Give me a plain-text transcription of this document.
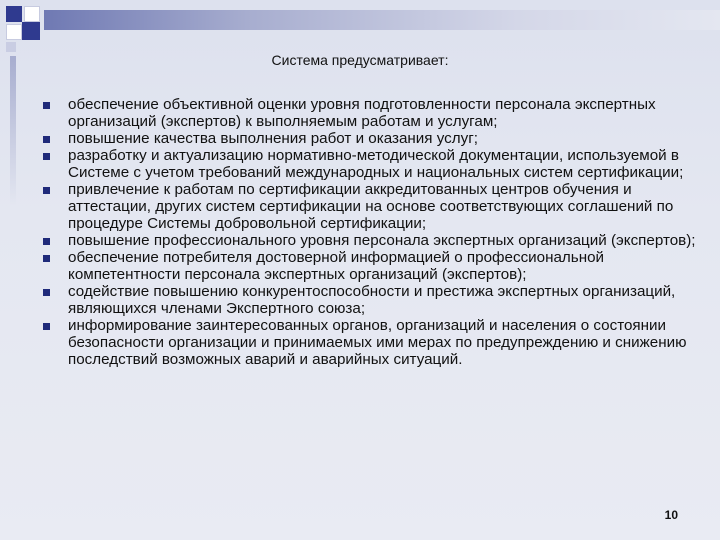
Система предусматривает:
обеспечение объективной оценки уровня подготовленности персонала экспертных организаций (экспертов) к выполняемым работам и услугам;
повышение качества выполнения работ и оказания услуг;
разработку и актуализацию нормативно-методической документации, используемой в Системе с учетом требований международных и национальных систем сертификации;
привлечение к работам по сертификации аккредитованных центров обучения и аттестации, других систем сертификации на основе соответствующих соглашений по процедуре Системы добровольной сертификации;
повышение профессионального уровня персонала экспертных организаций (экспертов);
обеспечение потребителя достоверной информацией о профессиональной компетентности персонала экспертных организаций (экспертов);
содействие повышению конкурентоспособности и престижа экспертных организаций, являющихся членами Экспертного союза;
информирование заинтересованных органов, организаций и населения о состоянии безопасности организации и принимаемых ими мерах по предупреждению и снижению последствий возможных аварий и аварийных ситуаций.
10
